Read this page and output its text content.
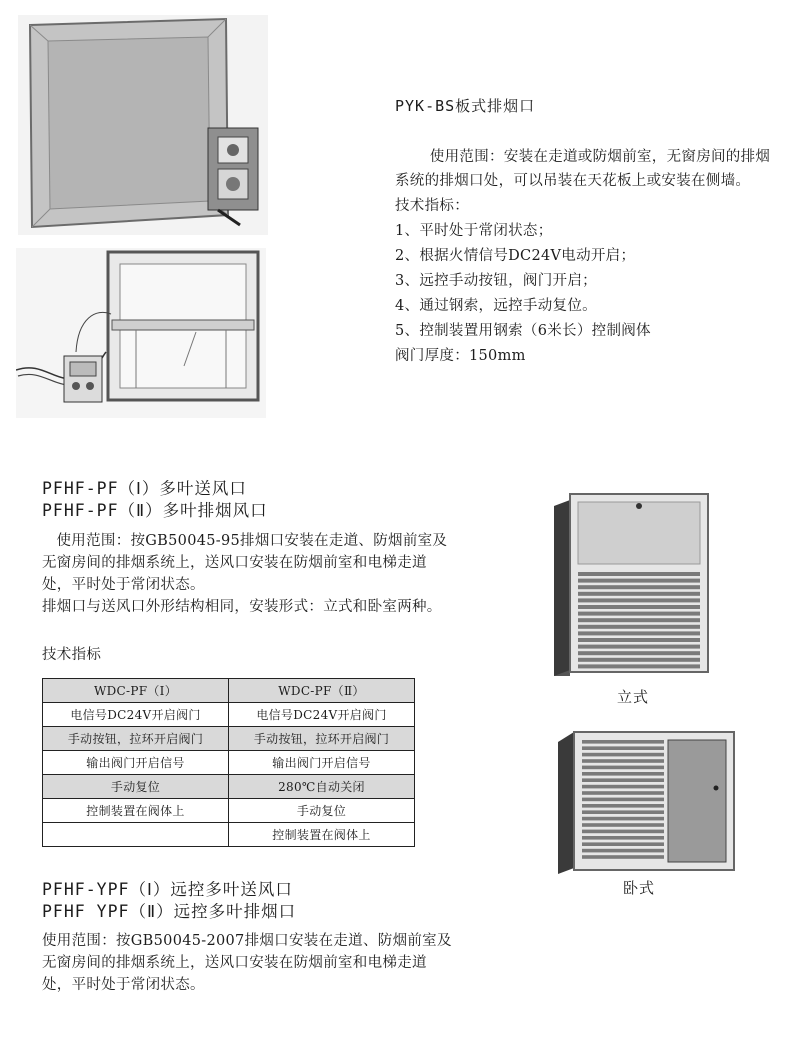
PYK-BS板式排烟口
使用范围：安装在走道或防烟前室，无窗房间的排烟系统的排烟口处，可以吊装在天花板上或安装在侧墙。
技术指标：
1、平时处于常闭状态；
2、根据火情信号DC24V电动开启；
3、远控手动按钮，阀门开启；
4、通过钢索，远控手动复位。
5、控制装置用钢索（6米长）控制阀体
阀门厚度：150mm
PFHF-PF（Ⅰ）多叶送风口
PFHF-PF（Ⅱ）多叶排烟风口
使用范围：按GB50045-95排烟口安装在走道、防烟前室及无窗房间的排烟系统上，送风口安装在防烟前室和电梯走道处，平时处于常闭状态。
排烟口与送风口外形结构相同，安装形式：立式和卧室两种。
技术指标
WDC-PF（Ⅰ）	WDC-PF（Ⅱ）
电信号DC24V开启阀门	电信号DC24V开启阀门
手动按钮，拉环开启阀门	手动按钮，拉环开启阀门
输出阀门开启信号	输出阀门开启信号
手动复位	280℃自动关闭
控制装置在阀体上	手动复位
	控制装置在阀体上
立式
卧式
PFHF-YPF（Ⅰ）远控多叶送风口
PFHF YPF（Ⅱ）远控多叶排烟口
使用范围：按GB50045-2007排烟口安装在走道、防烟前室及无窗房间的排烟系统上，送风口安装在防烟前室和电梯走道处，平时处于常闭状态。
